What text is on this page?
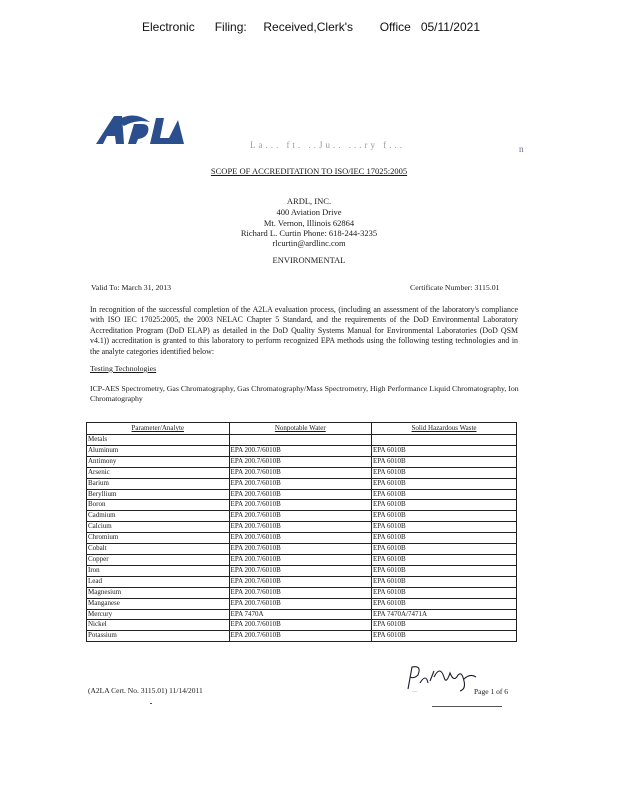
Electronic      Filing:     Received,Clerk's        Office   05/11/2021
A2LA	La... ft. ..Ju.. ...ry f...	n
SCOPE OF ACCREDITATION TO ISO/IEC 17025:2005
ARDL, INC.
400 Aviation Drive
Mt. Vernon, Illinois 62864
Richard L. Curtin Phone: 618-244-3235
rlcurtin@ardlinc.com
ENVIRONMENTAL
Valid To: March 31, 2013	Certificate Number: 3115.01
In recognition of the successful completion of the A2LA evaluation process, (including an assessment of the laboratory's compliance with ISO IEC 17025:2005, the 2003 NELAC Chapter 5 Standard, and the requirements of the DoD Environmental Laboratory Accreditation Program (DoD ELAP) as detailed in the DoD Quality Systems Manual for Environmental Laboratories (DoD QSM v4.1)) accreditation is granted to this laboratory to perform recognized EPA methods using the following testing technologies and in the analyte categories identified below:
Testing Technologies
ICP-AES Spectrometry, Gas Chromatography, Gas Chromatography/Mass Spectrometry, High Performance Liquid Chromatography, Ion Chromatography
Parameter/Analyte	Nonpotable Water	Solid Hazardous Waste
Metals		
Aluminum	EPA 200.7/6010B	EPA 6010B
Antimony	EPA 200.7/6010B	EPA 6010B
Arsenic	EPA 200.7/6010B	EPA 6010B
Barium	EPA 200.7/6010B	EPA 6010B
Beryllium	EPA 200.7/6010B	EPA 6010B
Boron	EPA 200.7/6010B	EPA 6010B
Cadmium	EPA 200.7/6010B	EPA 6010B
Calcium	EPA 200.7/6010B	EPA 6010B
Chromium	EPA 200.7/6010B	EPA 6010B
Cobalt	EPA 200.7/6010B	EPA 6010B
Copper	EPA 200.7/6010B	EPA 6010B
Iron	EPA 200.7/6010B	EPA 6010B
Lead	EPA 200.7/6010B	EPA 6010B
Magnesium	EPA 200.7/6010B	EPA 6010B
Manganese	EPA 200.7/6010B	EPA 6010B
Mercury	EPA 7470A	EPA 7470A/7471A
Nickel	EPA 200.7/6010B	EPA 6010B
Potassium	EPA 200.7/6010B	EPA 6010B
Peter Mlnyer	Page 1 of 6
(A2LA Cert. No. 3115.01) 11/14/2011
